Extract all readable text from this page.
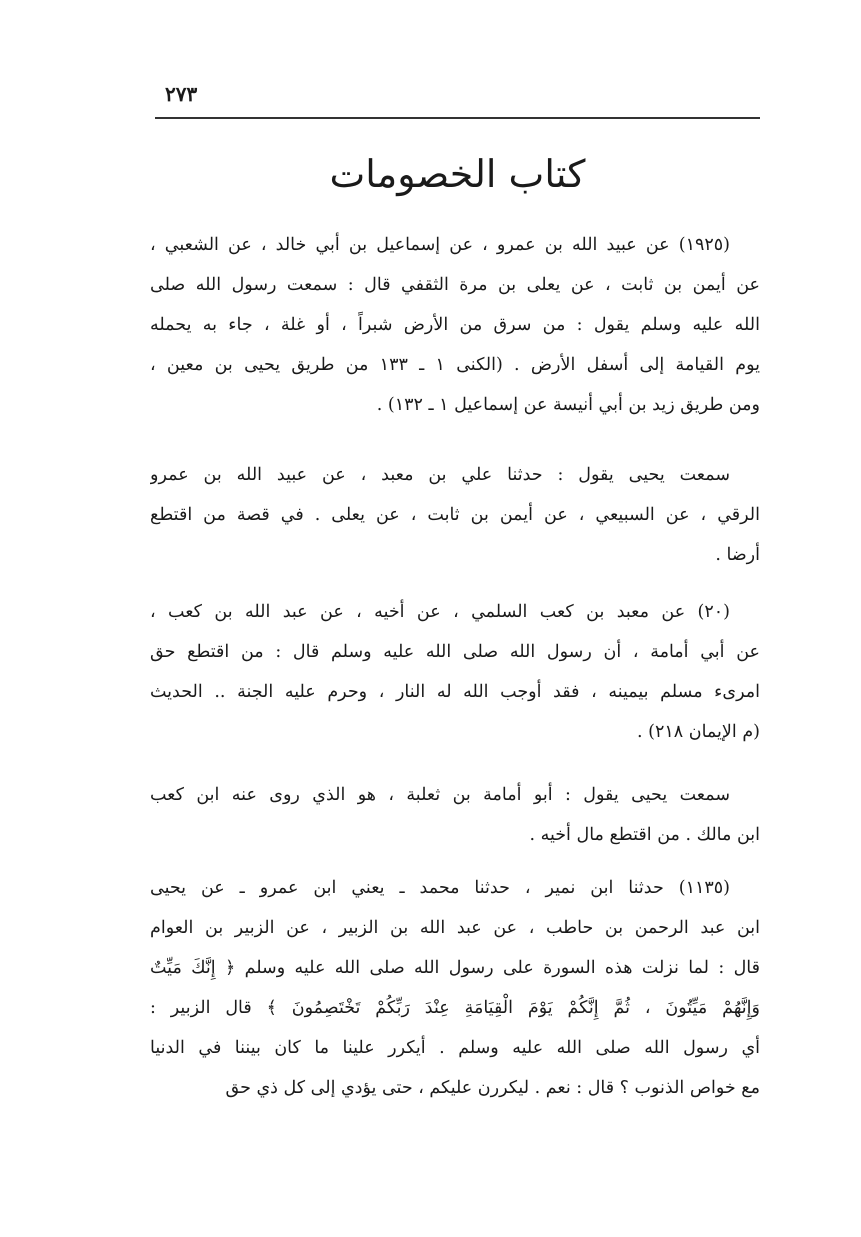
٢٧٣
كتاب الخصومات
(١٩٢٥) عن عبيد الله بن عمرو ، عن إسماعيل بن أبي خالد ، عن الشعبي ،
عن أيمن بن ثابت ، عن يعلى بن مرة الثقفي قال : سمعت رسول الله صلى
الله عليه وسلم يقول : من سرق من الأرض شبراً ، أو غلة ، جاء به يحمله
يوم القيامة إلى أسفل الأرض . (الكنى ١ ـ ١٣٣ من طريق يحيى بن معين ،
ومن طريق زيد بن أبي أنيسة عن إسماعيل ١ ـ ١٣٢) .
سمعت يحيى يقول : حدثنا علي بن معبد ، عن عبيد الله بن عمرو
الرقي ، عن السبيعي ، عن أيمن بن ثابت ، عن يعلى . في قصة من اقتطع
أرضا .
(٢٠) عن معبد بن كعب السلمي ، عن أخيه ، عن عبد الله بن كعب ،
عن أبي أمامة ، أن رسول الله صلى الله عليه وسلم قال : من اقتطع حق
امرىء مسلم بيمينه ، فقد أوجب الله له النار ، وحرم عليه الجنة .. الحديث
(م الإيمان ٢١٨) .
سمعت يحيى يقول : أبو أمامة بن ثعلبة ، هو الذي روى عنه ابن كعب
ابن مالك . من اقتطع مال أخيه .
(١١٣٥) حدثنا ابن نمير ، حدثنا محمد ـ يعني ابن عمرو ـ عن يحيى
ابن عبد الرحمن بن حاطب ، عن عبد الله بن الزبير ، عن الزبير بن العوام
قال : لما نزلت هذه السورة على رسول الله صلى الله عليه وسلم ﴿ إِنَّكَ مَيِّتٌ
وَإِنَّهُمْ مَيِّتُونَ ، ثُمَّ إِنَّكُمْ يَوْمَ الْقِيَامَةِ عِنْدَ رَبِّكُمْ تَخْتَصِمُونَ ﴾ قال الزبير :
أي رسول الله صلى الله عليه وسلم . أيكرر علينا ما كان بيننا في الدنيا
مع خواص الذنوب ؟ قال : نعم . ليكررن عليكم ، حتى يؤدي إلى كل ذي حق
